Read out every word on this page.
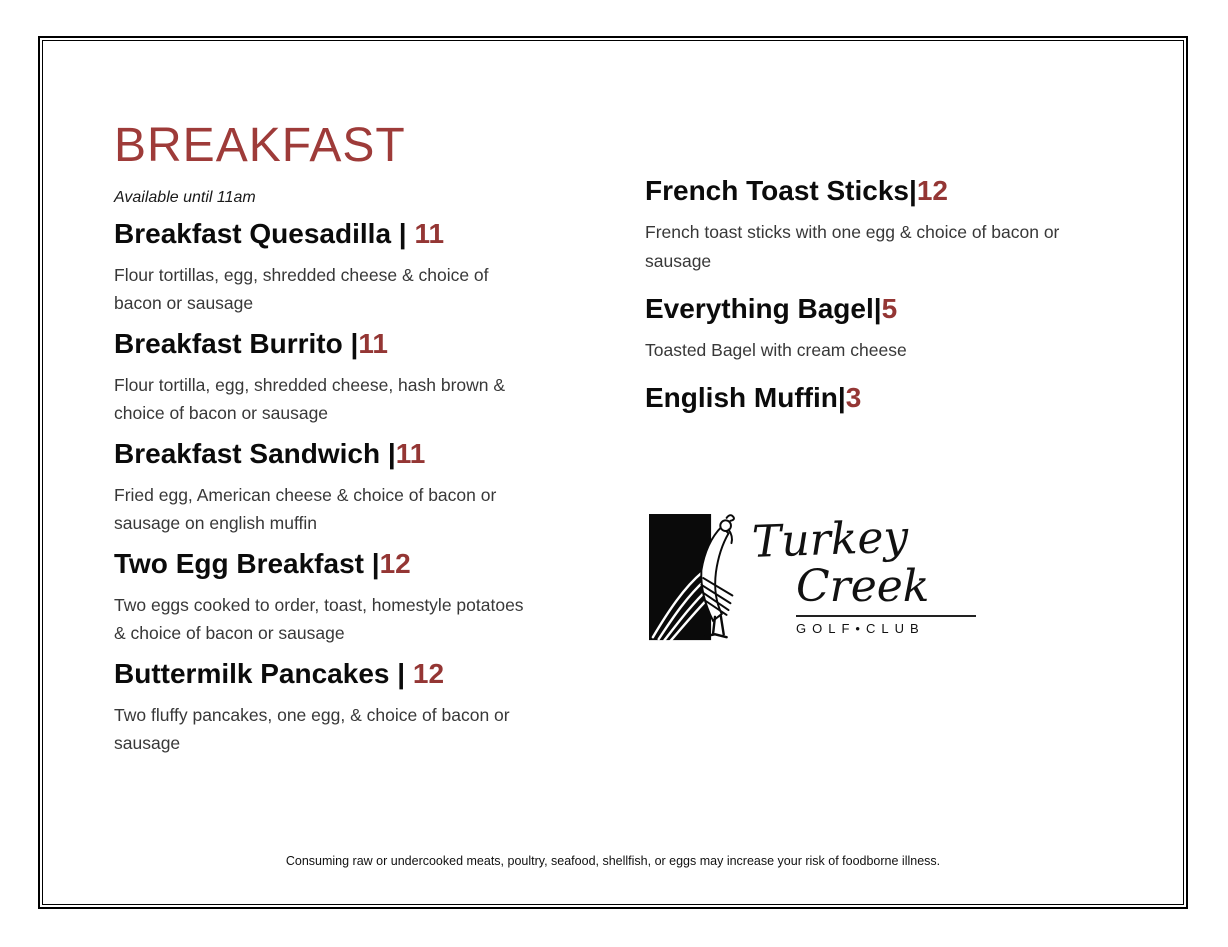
BREAKFAST
Available until 11am
Breakfast Quesadilla | 11
Flour tortillas, egg, shredded cheese & choice of
bacon or sausage
Breakfast Burrito |11
Flour tortilla, egg, shredded cheese, hash brown &
choice of bacon or sausage
Breakfast Sandwich |11
Fried egg, American cheese & choice of bacon or
sausage on english muffin
Two Egg Breakfast |12
Two eggs cooked to order, toast, homestyle potatoes
& choice of bacon or sausage
Buttermilk Pancakes | 12
Two fluffy pancakes, one egg, & choice of bacon or
sausage
French Toast Sticks|12
French toast sticks with one egg & choice of bacon or
sausage
Everything Bagel|5
Toasted Bagel with cream cheese
English Muffin|3
Turkey
Creek
GOLF•CLUB
Consuming raw or undercooked meats, poultry, seafood, shellfish, or eggs may increase your risk of foodborne illness.
